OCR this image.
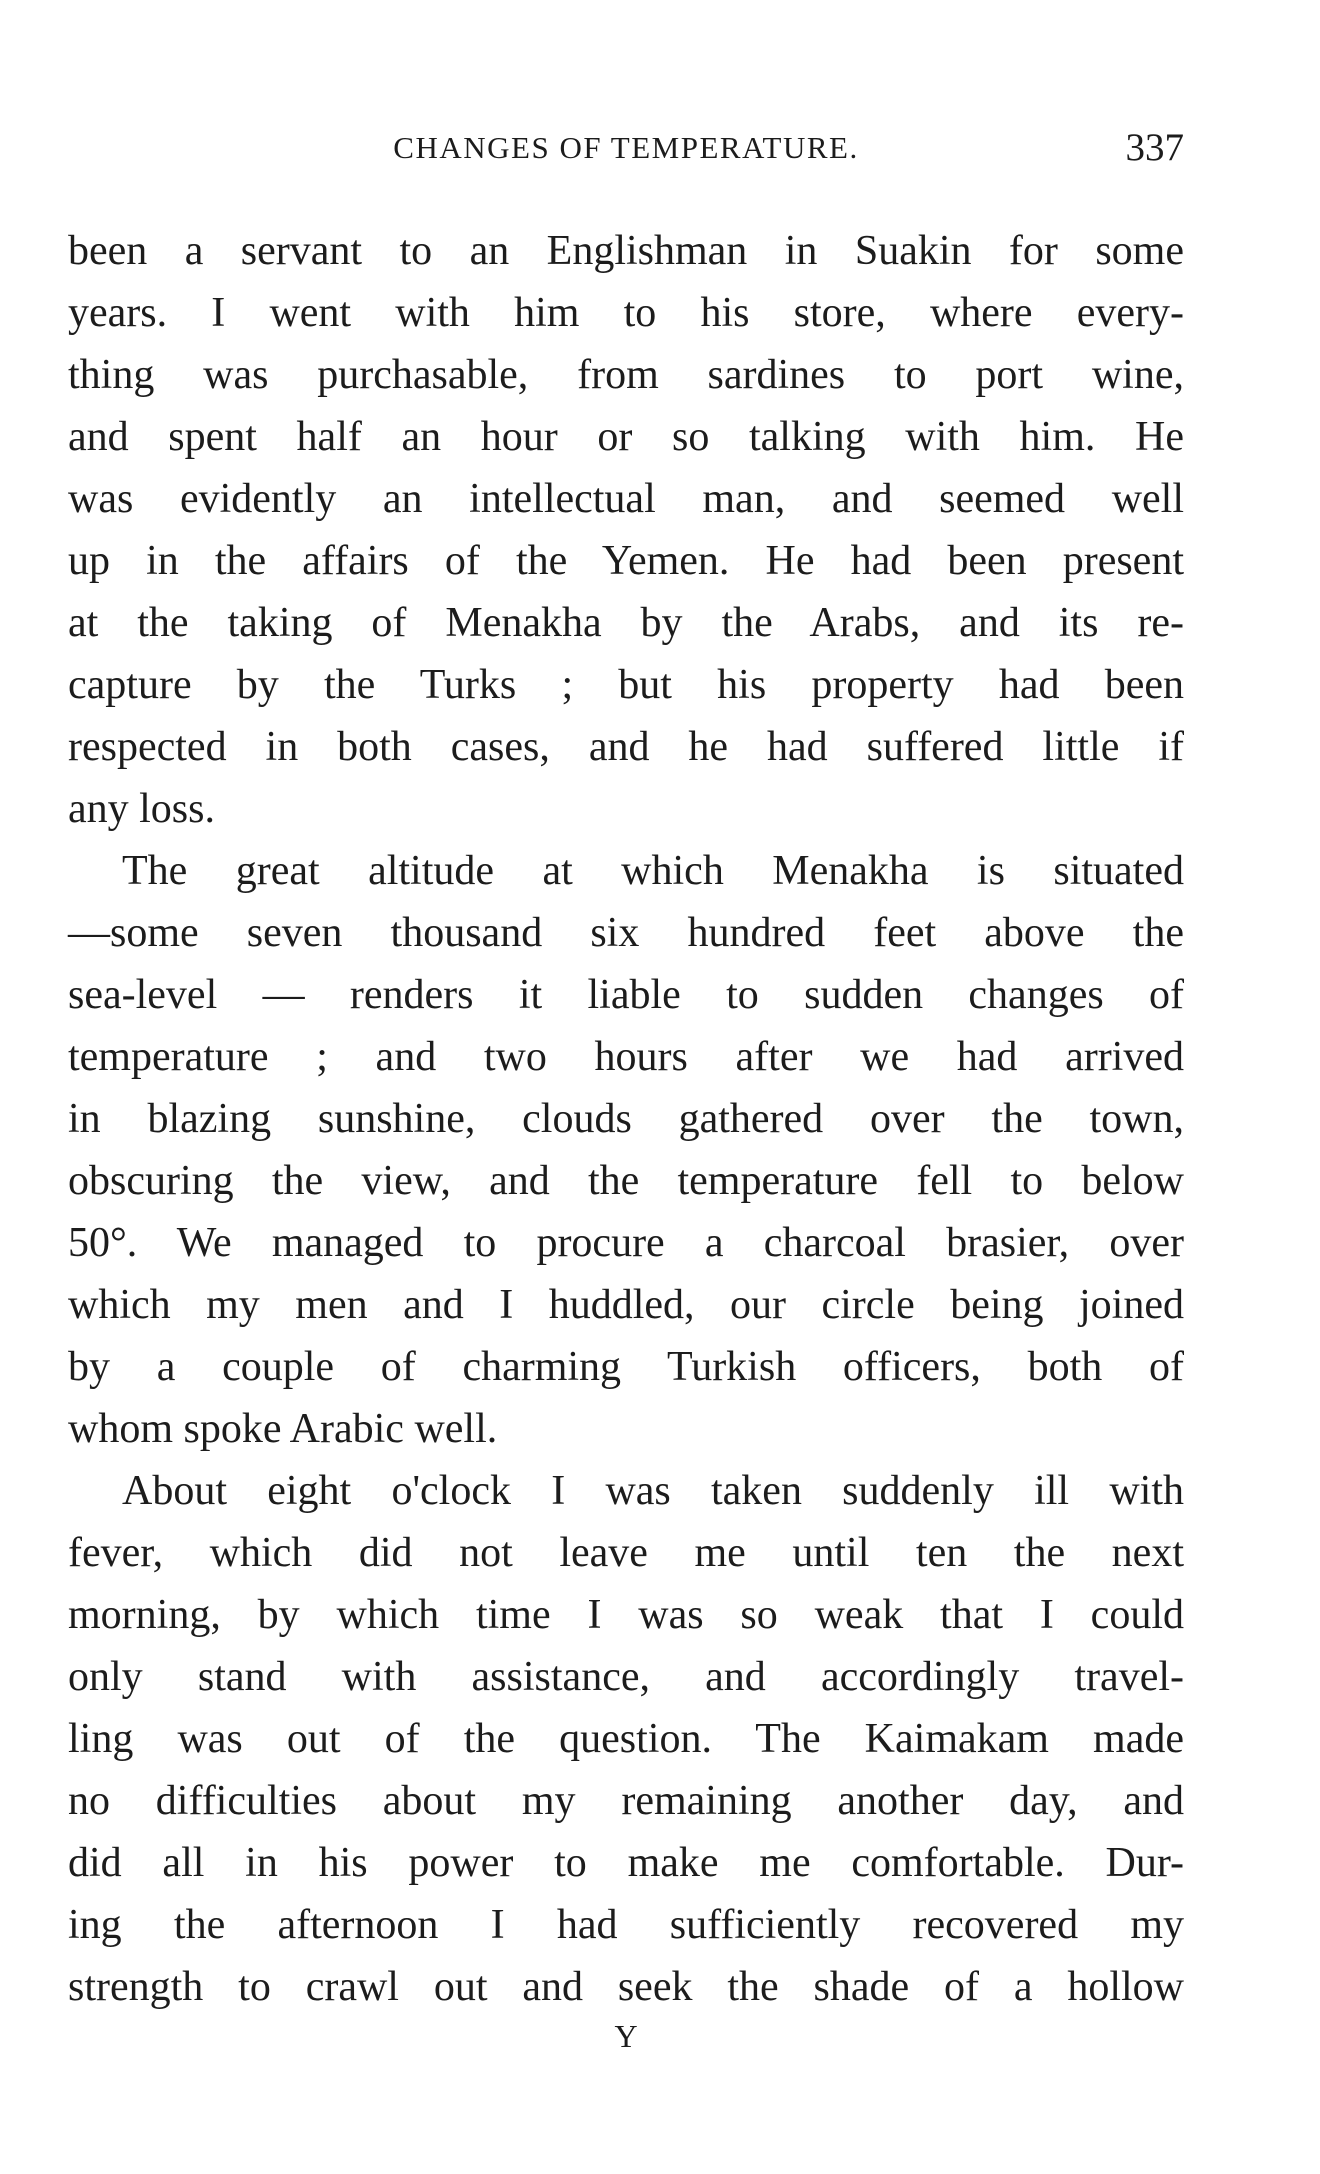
CHANGES OF TEMPERATURE.	337
been a servant to an Englishman in Suakin for some
years. I went with him to his store, where every-
thing was purchasable, from sardines to port wine,
and spent half an hour or so talking with him. He
was evidently an intellectual man, and seemed well
up in the affairs of the Yemen. He had been present
at the taking of Menakha by the Arabs, and its re-
capture by the Turks ; but his property had been
respected in both cases, and he had suffered little if
any loss.
The great altitude at which Menakha is situated
—some seven thousand six hundred feet above the
sea-level — renders it liable to sudden changes of
temperature ; and two hours after we had arrived
in blazing sunshine, clouds gathered over the town,
obscuring the view, and the temperature fell to below
50°. We managed to procure a charcoal brasier, over
which my men and I huddled, our circle being joined
by a couple of charming Turkish officers, both of
whom spoke Arabic well.
About eight o'clock I was taken suddenly ill with
fever, which did not leave me until ten the next
morning, by which time I was so weak that I could
only stand with assistance, and accordingly travel-
ling was out of the question. The Kaimakam made
no difficulties about my remaining another day, and
did all in his power to make me comfortable. Dur-
ing the afternoon I had sufficiently recovered my
strength to crawl out and seek the shade of a hollow
Y
